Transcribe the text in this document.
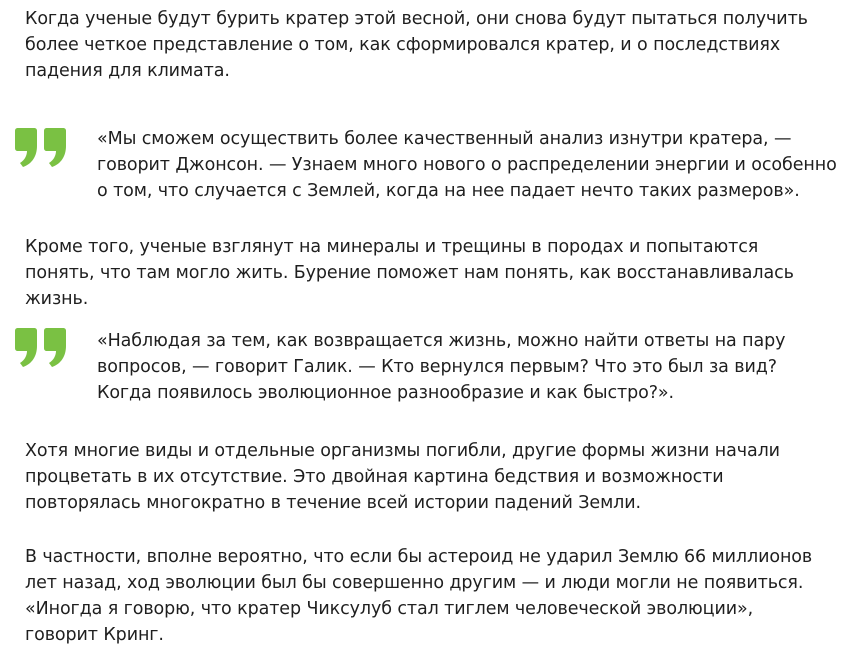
Когда ученые будут бурить кратер этой весной, они снова будут пытаться получить более четкое представление о том, как сформировался кратер, и о последствиях падения для климата.

«Мы сможем осуществить более качественный анализ изнутри кратера, — говорит Джонсон. — Узнаем много нового о распределении энергии и особенно о том, что случается с Землей, когда на нее падает нечто таких размеров».

Кроме того, ученые взглянут на минералы и трещины в породах и попытаются понять, что там могло жить. Бурение поможет нам понять, как восстанавливалась жизнь.

«Наблюдая за тем, как возвращается жизнь, можно найти ответы на пару вопросов, — говорит Галик. — Кто вернулся первым? Что это был за вид? Когда появилось эволюционное разнообразие и как быстро?».

Хотя многие виды и отдельные организмы погибли, другие формы жизни начали процветать в их отсутствие. Это двойная картина бедствия и возможности повторялась многократно в течение всей истории падений Земли.

В частности, вполне вероятно, что если бы астероид не ударил Землю 66 миллионов лет назад, ход эволюции был бы совершенно другим — и люди могли не появиться. «Иногда я говорю, что кратер Чиксулуб стал тиглем человеческой эволюции», говорит Кринг.
